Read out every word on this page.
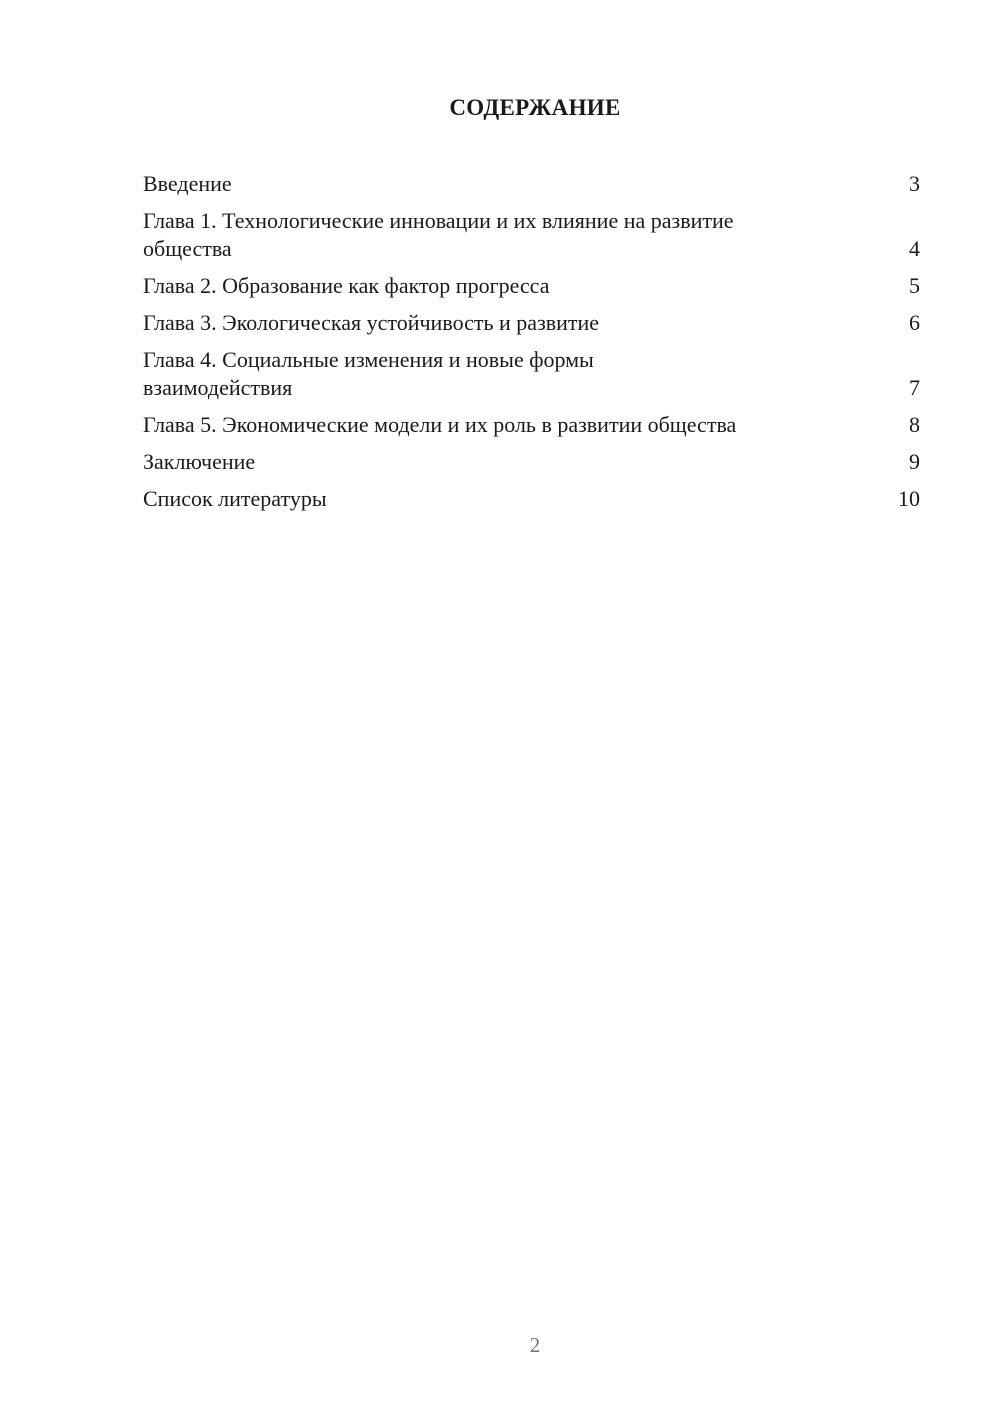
СОДЕРЖАНИЕ
Введение	3
Глава 1. Технологические инновации и их влияние на развитие общества	4
Глава 2. Образование как фактор прогресса	5
Глава 3. Экологическая устойчивость и развитие	6
Глава 4. Социальные изменения и новые формы взаимодействия	7
Глава 5. Экономические модели и их роль в развитии общества	8
Заключение	9
Список литературы	10
2
